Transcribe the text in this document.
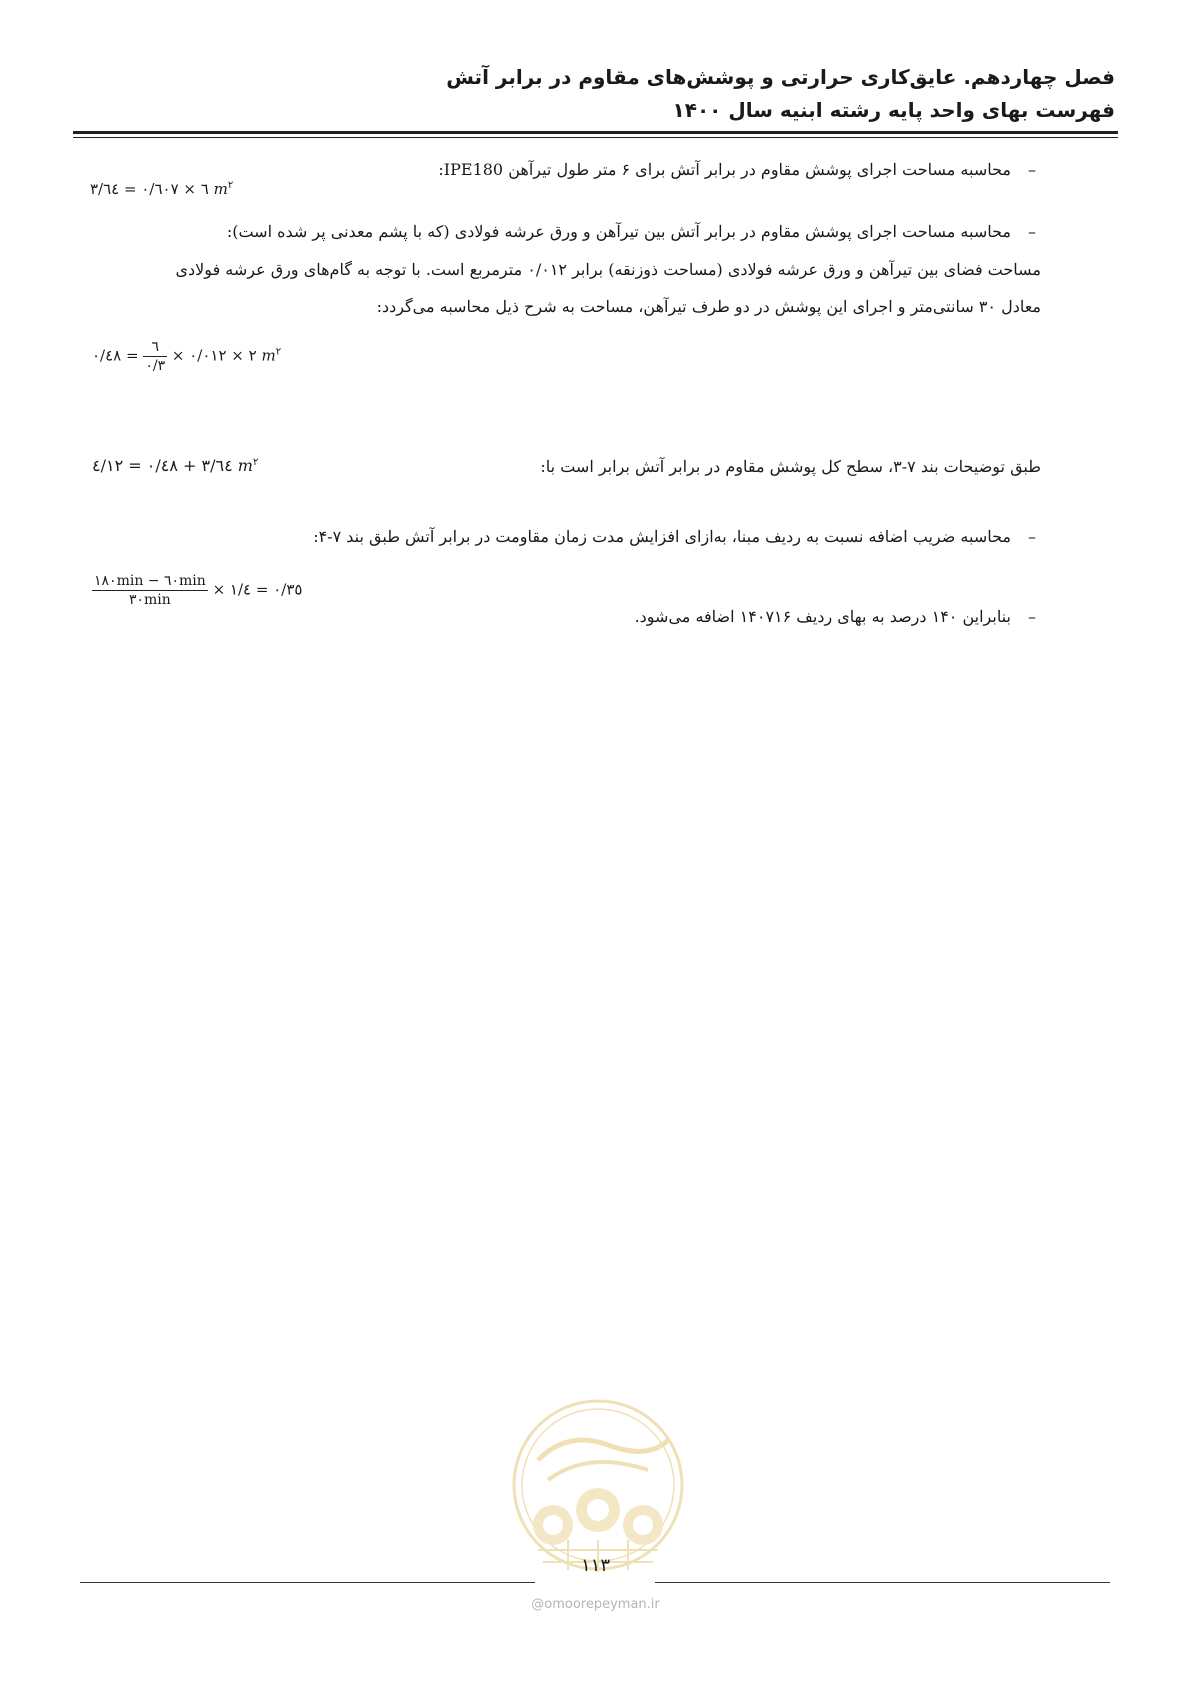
فصل چهاردهم. عایق‌کاری حرارتی و پوشش‌های مقاوم در برابر آتش
فهرست بهای واحد پایه رشته ابنیه سال ۱۴۰۰
–
محاسبه مساحت اجرای پوشش مقاوم در برابر آتش برای ۶ متر طول تیرآهن IPE180:
٦ × ٠/٦٠٧ = ٣/٦٤ $m^٢$
–
محاسبه مساحت اجرای پوشش مقاوم در برابر آتش بین تیرآهن و ورق عرشه فولادی (که با پشم معدنی پر شده است):
مساحت فضای بین تیرآهن و ورق عرشه فولادی (مساحت ذوزنقه) برابر ۰/۰۱۲ مترمربع است. با توجه به گام‌های ورق عرشه فولادی
معادل ۳۰ سانتی‌متر و اجرای این پوشش در دو طرف تیرآهن، مساحت به شرح ذیل محاسبه می‌گردد:
٢ × ٠/٠١٢ ×
$\frac{٦}{٠/٣}$
= ٠/٤٨	$m^٢$
طبق توضیحات بند ۷-۳، سطح کل پوشش مقاوم در برابر آتش برابر است با:
٣/٦٤ + ٠/٤٨ = ٤/١٢ $m^٢$
–
محاسبه ضریب اضافه نسبت به ردیف مبنا، به‌ازای افزایش مدت زمان مقاومت در برابر آتش طبق بند ۷-۴:
$\frac{١٨٠\min - ٦٠\min}{٣٠\min}$ × ٠/٣٥ = ١/٤
–
بنابراین ۱۴۰ درصد به بهای ردیف ۱۴۰۷۱۶ اضافه می‌شود.
۱۱۳
@omoorepeyman.ir
